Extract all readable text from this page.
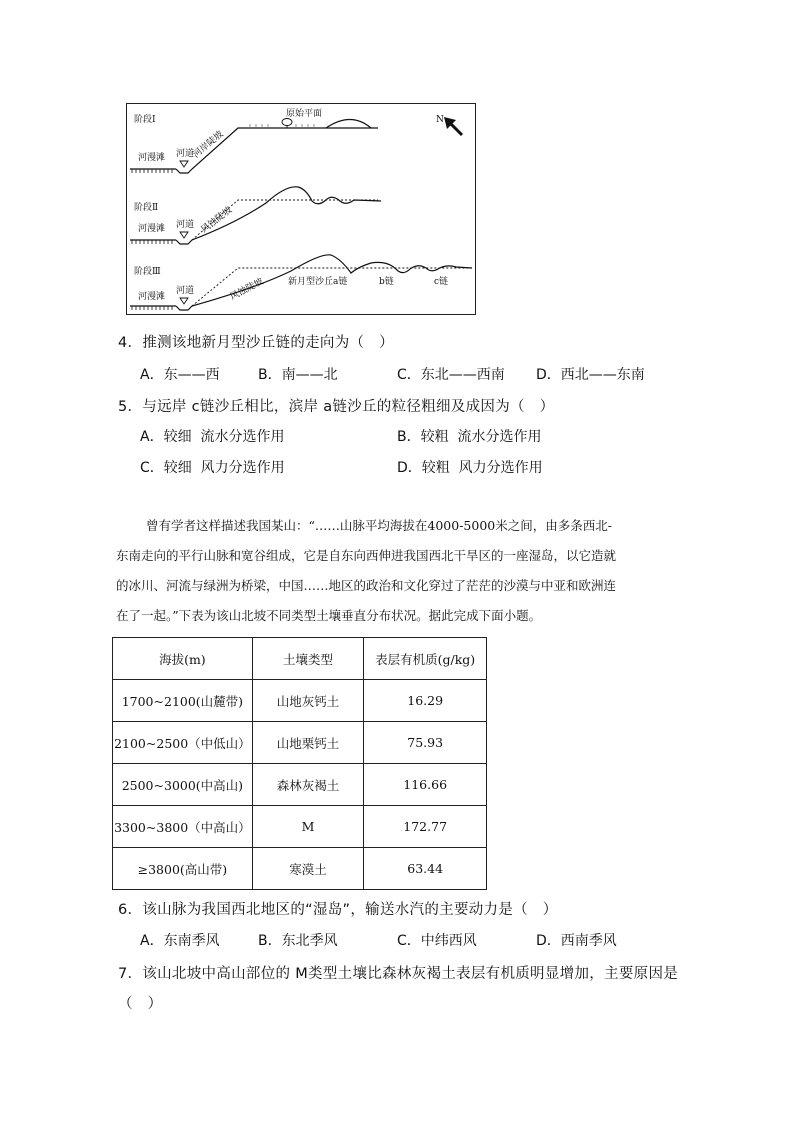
N
阶段Ⅰ
河漫滩 河道
河岸陡坡
原始平面
阶段Ⅱ
河漫滩 河道 风蚀陡坡
阶段Ⅲ
河漫滩
河道	风蚀陡坡	新月型沙丘a链	b链	c链
4．推测该地新月型沙丘链的走向为（　）
A．东——西	B．南——北	C．东北——西南 D．西北——东南
5．与远岸 c链沙丘相比，滨岸 a链沙丘的粒径粗细及成因为（　）
A．较细  流水分选作用	B．较粗  流水分选作用
C．较细  风力分选作用	D．较粗  风力分选作用
曾有学者这样描述我国某山：“……山脉平均海拔在4000-5000米之间，由多条西北-
东南走向的平行山脉和宽谷组成，它是自东向西伸进我国西北干旱区的一座湿岛，以它造就
的冰川、河流与绿洲为桥梁，中国……地区的政治和文化穿过了茫茫的沙漠与中亚和欧洲连
在了一起。”下表为该山北坡不同类型土壤垂直分布状况。据此完成下面小题。
海拔(m)	土壤类型	表层有机质(g/kg)
1700~2100(山麓带)	山地灰钙土	16.29
2100~2500（中低山）	山地栗钙土	75.93
2500~3000(中高山)	森林灰褐土	116.66
3300~3800（中高山）	M	172.77
≥3800(高山带)	寒漠土	63.44
6．该山脉为我国西北地区的“湿岛”，输送水汽的主要动力是（　）
A．东南季风	B．东北季风	C．中纬西风	D．西南季风
7．该山北坡中高山部位的 M类型土壤比森林灰褐土表层有机质明显增加，主要原因是
（　）
